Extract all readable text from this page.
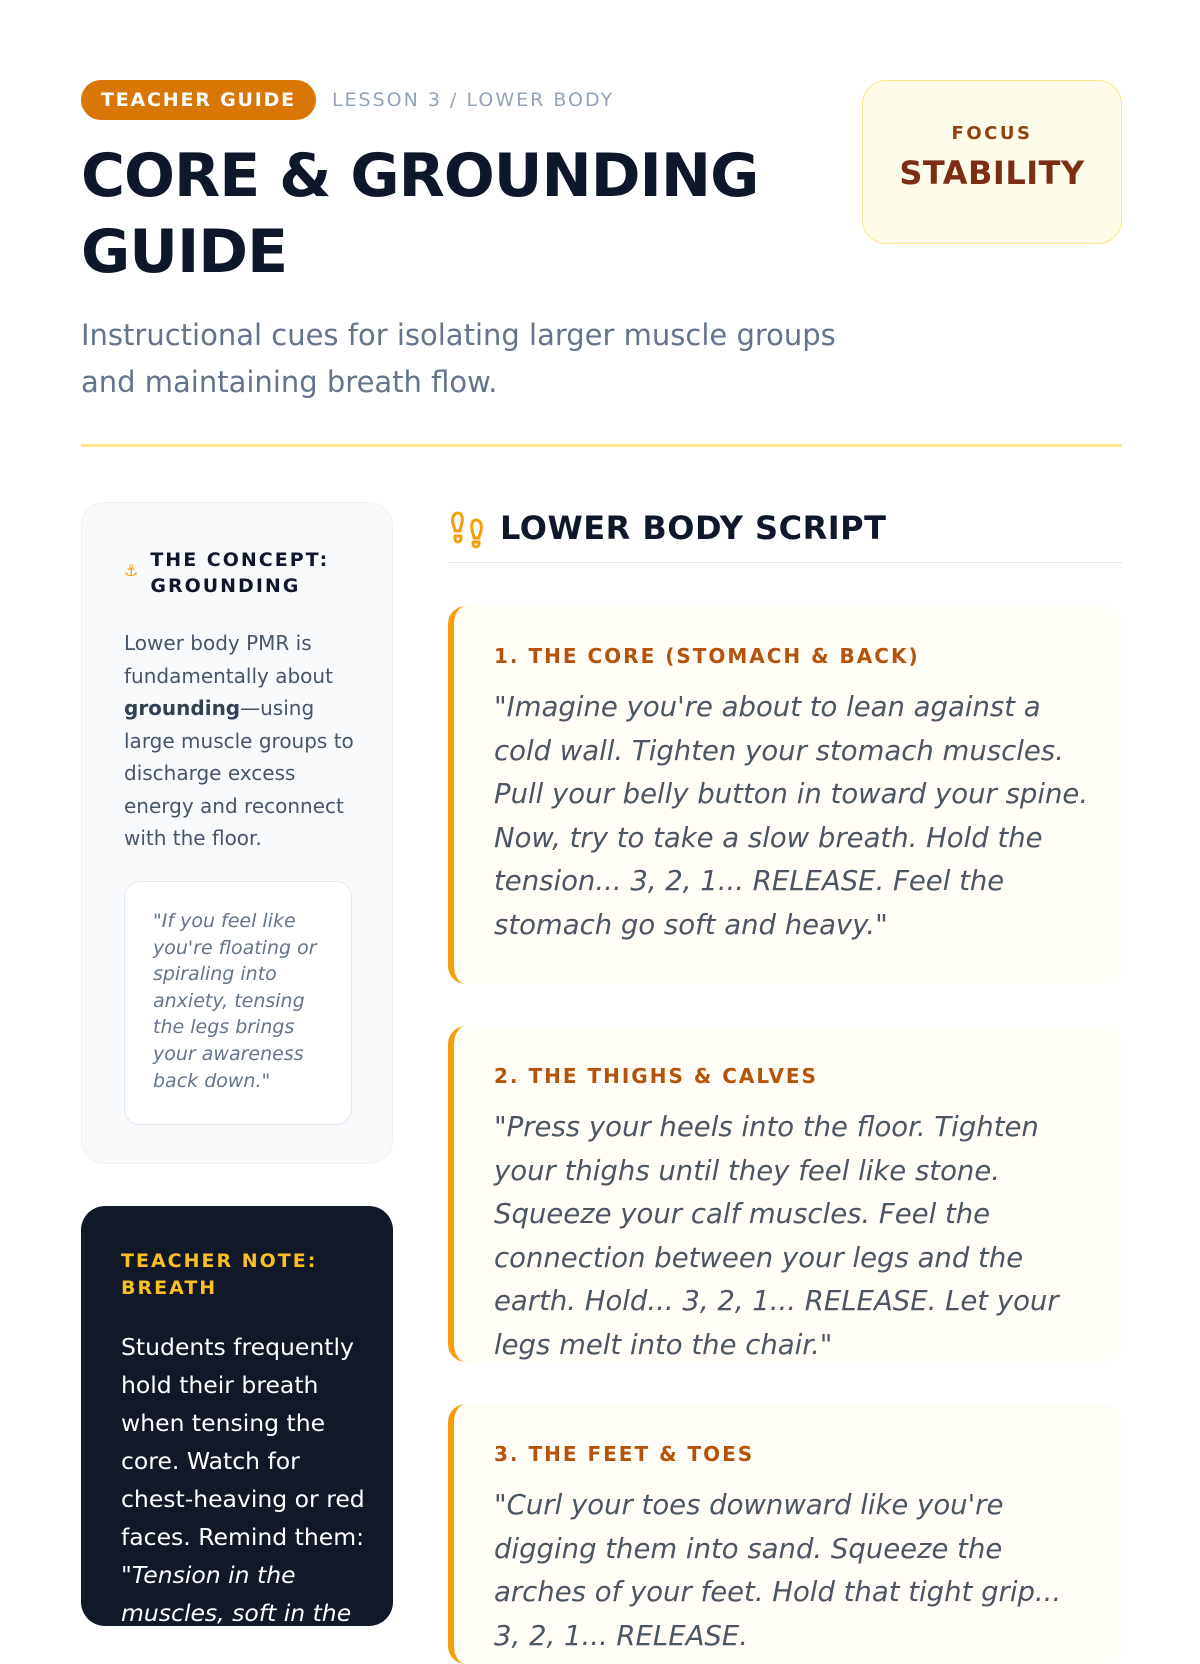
TEACHER GUIDE	LESSON 3 / LOWER BODY
CORE & GROUNDING GUIDE

Instructional cues for isolating larger muscle groups and maintaining breath flow.

FOCUS
STABILITY
⚓
THE CONCEPT: GROUNDING

Lower body PMR is fundamentally about grounding—using large muscle groups to discharge excess energy and reconnect with the floor.

"If you feel like you're floating or spiraling into anxiety, tensing the legs brings your awareness back down."

TEACHER NOTE: BREATH

Students frequently hold their breath when tensing the core. Watch for chest-heaving or red faces. Remind them: "Tension in the muscles, soft in the

LOWER BODY SCRIPT
1. THE CORE (STOMACH & BACK)

"Imagine you're about to lean against a cold wall. Tighten your stomach muscles. Pull your belly button in toward your spine. Now, try to take a slow breath. Hold the tension... 3, 2, 1... RELEASE. Feel the stomach go soft and heavy."

2. THE THIGHS & CALVES

"Press your heels into the floor. Tighten your thighs until they feel like stone. Squeeze your calf muscles. Feel the connection between your legs and the earth. Hold... 3, 2, 1... RELEASE. Let your legs melt into the chair."

3. THE FEET & TOES

"Curl your toes downward like you're digging them into sand. Squeeze the arches of your feet. Hold that tight grip... 3, 2, 1... RELEASE.
